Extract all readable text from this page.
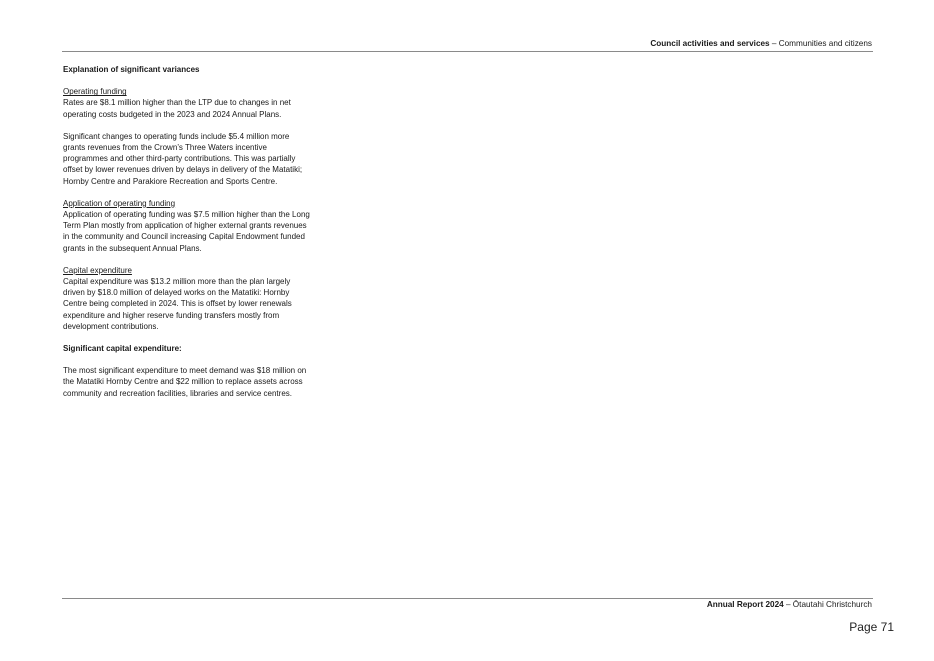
Council activities and services – Communities and citizens

Explanation of significant variances

Operating funding

Rates are $8.1 million higher than the LTP due to changes in net operating costs budgeted in the 2023 and 2024 Annual Plans.

Significant changes to operating funds include $5.4 million more grants revenues from the Crown’s Three Waters incentive programmes and other third-party contributions. This was partially offset by lower revenues driven by delays in delivery of the Matatiki; Hornby Centre and Parakiore Recreation and Sports Centre.

Application of operating funding

Application of operating funding was $7.5 million higher than the Long Term Plan mostly from application of higher external grants revenues in the community and Council increasing Capital Endowment funded grants in the subsequent Annual Plans.

Capital expenditure

Capital expenditure was $13.2 million more than the plan largely driven by $18.0 million of delayed works on the Matatiki: Hornby Centre being completed in 2024. This is offset by lower renewals expenditure and higher reserve funding transfers mostly from development contributions.

Significant capital expenditure:

The most significant expenditure to meet demand was $18 million on the Matatiki Hornby Centre and $22 million to replace assets across community and recreation facilities, libraries and service centres.

Annual Report 2024 – Ōtautahi Christchurch
Page 71
